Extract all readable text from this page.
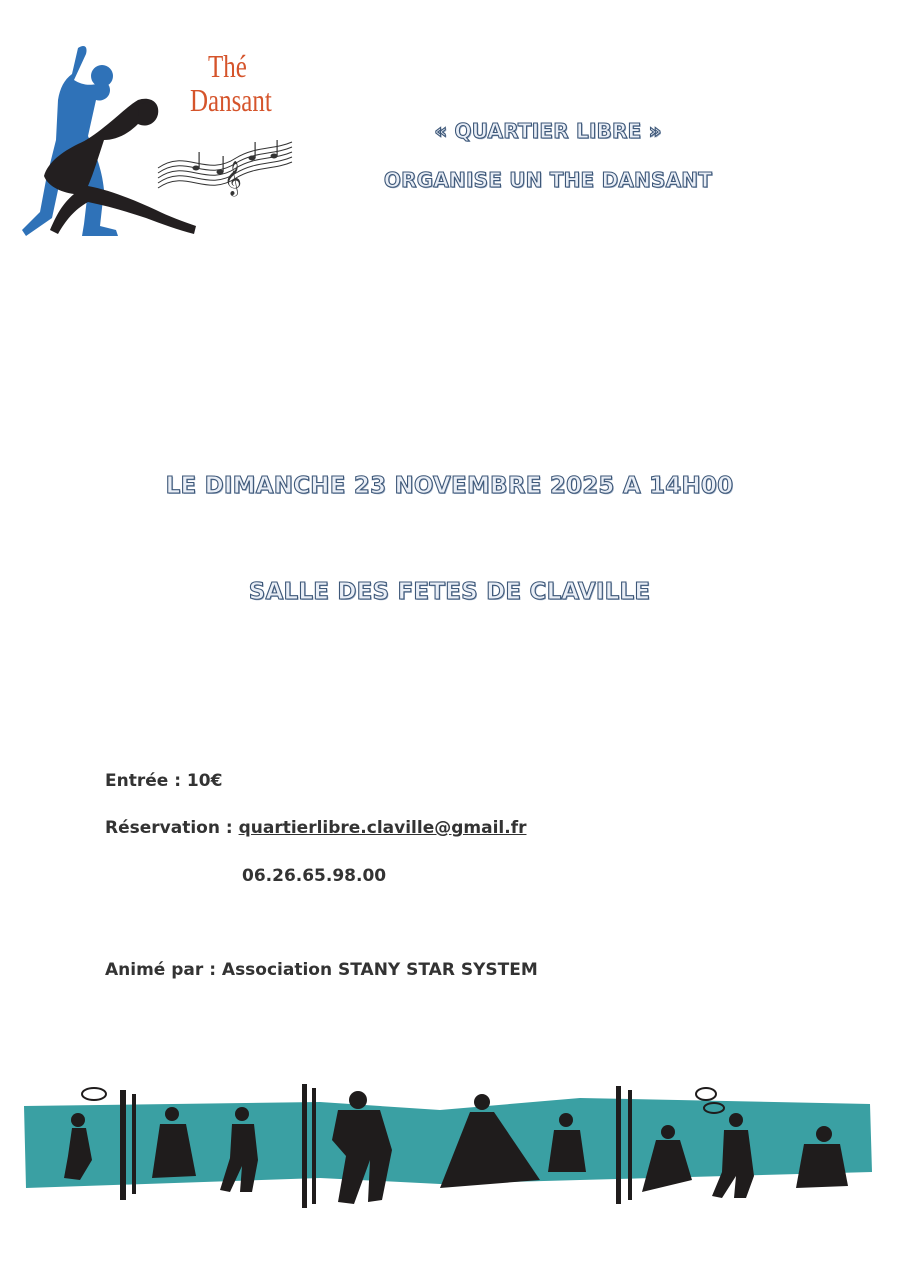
Thé
Dansant
𝄞
« QUARTIER LIBRE »
ORGANISE UN THE DANSANT
LE DIMANCHE 23 NOVEMBRE 2025 A 14H00
SALLE DES FETES DE CLAVILLE
Entrée : 10€
Réservation : quartierlibre.claville@gmail.fr
06.26.65.98.00
Animé par : Association STANY STAR SYSTEM
